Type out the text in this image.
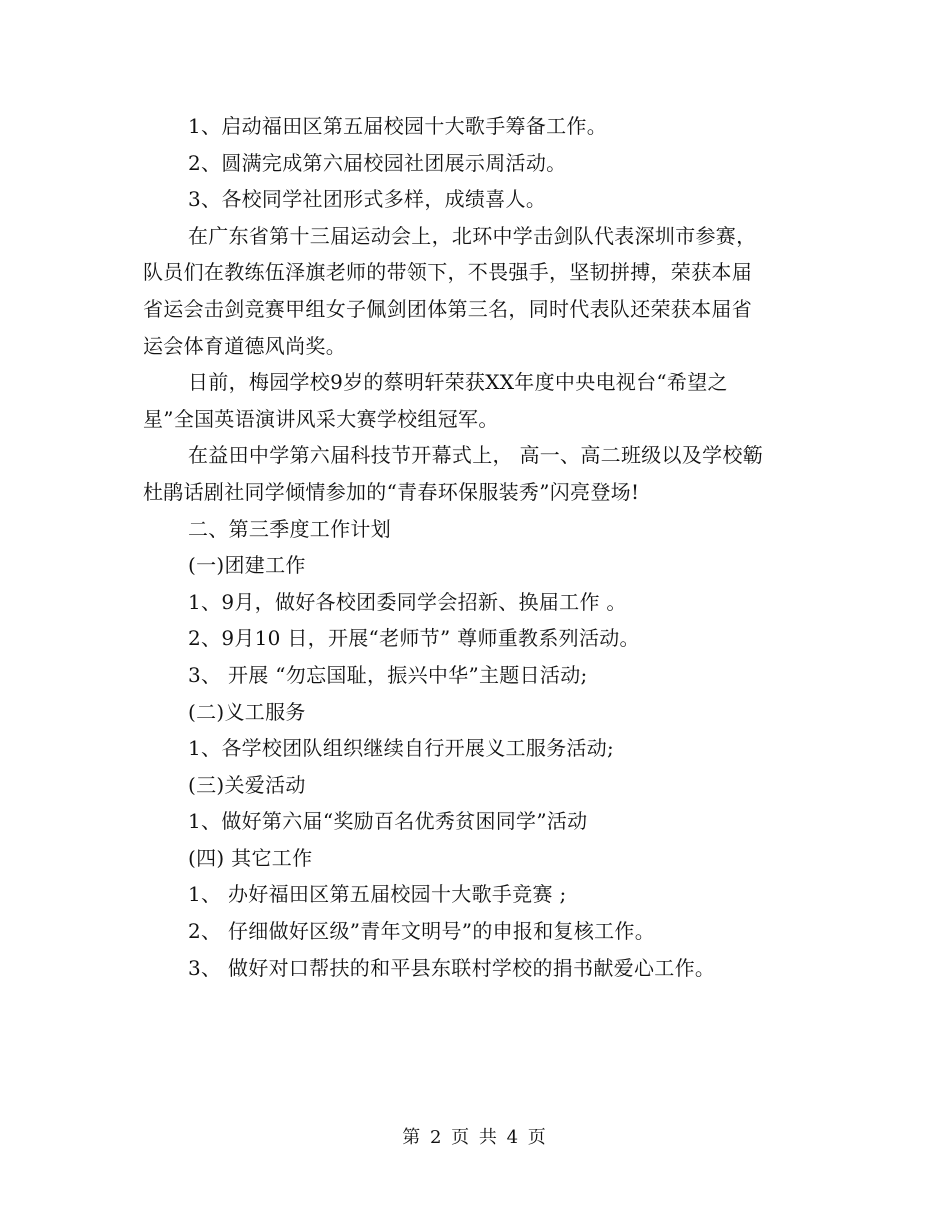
1、启动福田区第五届校园十大歌手筹备工作。
2、圆满完成第六届校园社团展示周活动。
3、各校同学社团形式多样，成绩喜人。
在广东省第十三届运动会上，北环中学击剑队代表深圳市参赛，
队员们在教练伍泽旗老师的带领下，不畏强手，坚韧拼搏，荣获本届
省运会击剑竞赛甲组女子佩剑团体第三名，同时代表队还荣获本届省
运会体育道德风尚奖。
日前，梅园学校9岁的蔡明轩荣获XX年度中央电视台“希望之
星”全国英语演讲风采大赛学校组冠军。
在益田中学第六届科技节开幕式上， 高一、高二班级以及学校簕
杜鹃话剧社同学倾情参加的“青春环保服装秀”闪亮登场!
二、第三季度工作计划
(一)团建工作
1、9月，做好各校团委同学会招新、换届工作 。
2、9月10 日，开展“老师节” 尊师重教系列活动。
3、 开展 “勿忘国耻，振兴中华”主题日活动;
(二)义工服务
1、各学校团队组织继续自行开展义工服务活动;
(三)关爱活动
1、做好第六届“奖励百名优秀贫困同学”活动
(四) 其它工作
1、 办好福田区第五届校园十大歌手竞赛 ;
2、 仔细做好区级”青年文明号”的申报和复核工作。
3、 做好对口帮扶的和平县东联村学校的捐书献爱心工作。
第 2 页 共 4 页
